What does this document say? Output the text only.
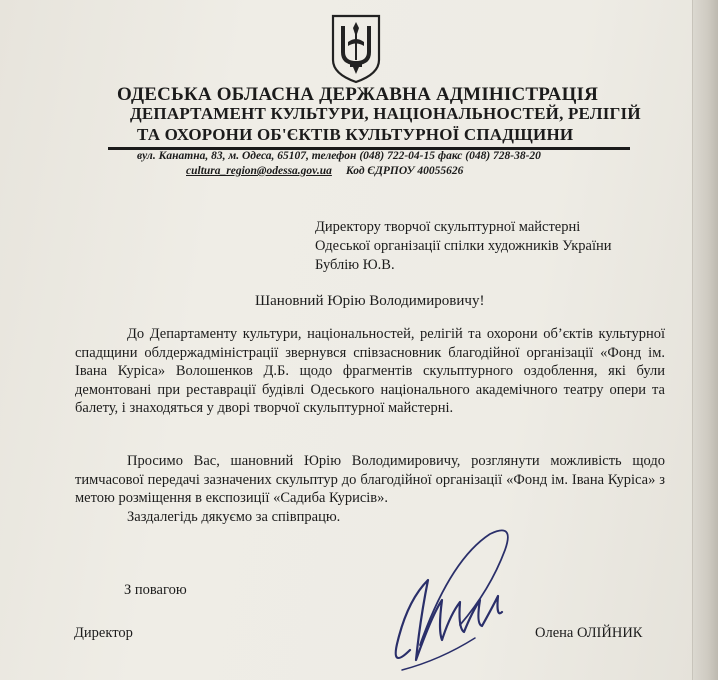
ОДЕСЬКА ОБЛАСНА ДЕРЖАВНА АДМІНІСТРАЦІЯ
ДЕПАРТАМЕНТ КУЛЬТУРИ, НАЦІОНАЛЬНОСТЕЙ, РЕЛІГІЙ
ТА ОХОРОНИ ОБ'ЄКТІВ КУЛЬТУРНОЇ СПАДЩИНИ
вул. Канатна, 83, м. Одеса, 65107, телефон (048) 722-04-15 факс (048) 728-38-20
cultura_region@odessa.gov.ua Код ЄДРПОУ 40055626
Директору творчої скульптурної майстерні
Одеської організації спілки художників України
Бублію Ю.В.
Шановний Юрію Володимировичу!
До Департаменту культури, національностей, релігій та охорони об’єктів культурної спадщини облдержадміністрації звернувся співзасновник благодійної організації «Фонд ім. Івана Куріса» Волошенков Д.Б. щодо фрагментів скульптурного оздоблення, які були демонтовані при реставрації будівлі Одеського національного академічного театру опери та балету, і знаходяться у дворі творчої скульптурної майстерні.
Просимо Вас, шановний Юрію Володимировичу, розглянути можливість щодо тимчасової передачі зазначених скульптур до благодійної організації «Фонд ім. Івана Куріса» з метою розміщення в експозиції «Садиба Курисів».
Заздалегідь дякуємо за співпрацю.
З повагою
Директор	Олена ОЛІЙНИК
